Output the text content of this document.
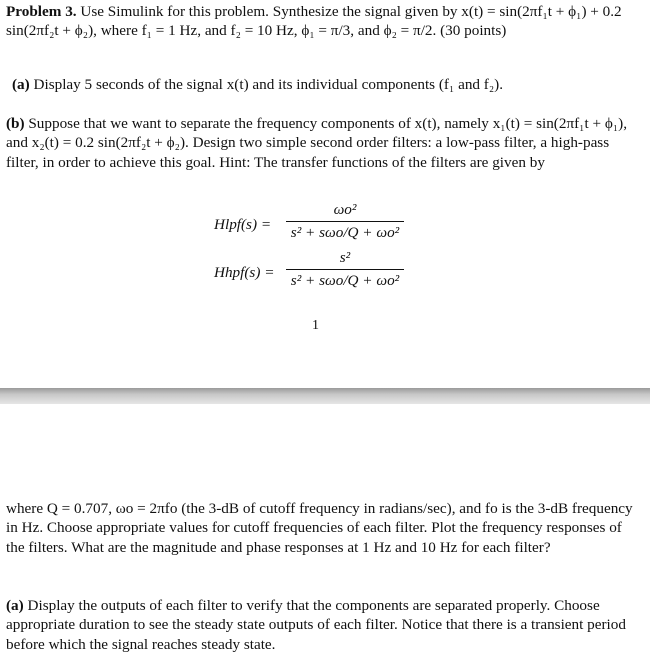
Problem 3. Use Simulink for this problem. Synthesize the signal given by x(t) = sin(2πf₁t + ϕ₁) + 0.2 sin(2πf₂t + ϕ₂), where f₁ = 1 Hz, and f₂ = 10 Hz, ϕ₁ = π/3, and ϕ₂ = π/2. (30 points)

(a) Display 5 seconds of the signal x(t) and its individual components (f₁ and f₂).

(b) Suppose that we want to separate the frequency components of x(t), namely x₁(t) = sin(2πf₁t + ϕ₁), and x₂(t) = 0.2 sin(2πf₂t + ϕ₂). Design two simple second order filters: a low-pass filter, a high-pass filter, in order to achieve this goal. Hint: The transfer functions of the filters are given by

Hlpf(s) =
ωo²
s² + sωo/Q + ωo²
Hhpf(s) =
s²
s² + sωo/Q + ωo²
1

where Q = 0.707, ωo = 2πfo (the 3-dB of cutoff frequency in radians/sec), and fo is the 3-dB frequency in Hz. Choose appropriate values for cutoff frequencies of each filter. Plot the frequency responses of the filters. What are the magnitude and phase responses at 1 Hz and 10 Hz for each filter?

(a) Display the outputs of each filter to verify that the components are separated properly. Choose appropriate duration to see the steady state outputs of each filter. Notice that there is a transient period before which the signal reaches steady state.
